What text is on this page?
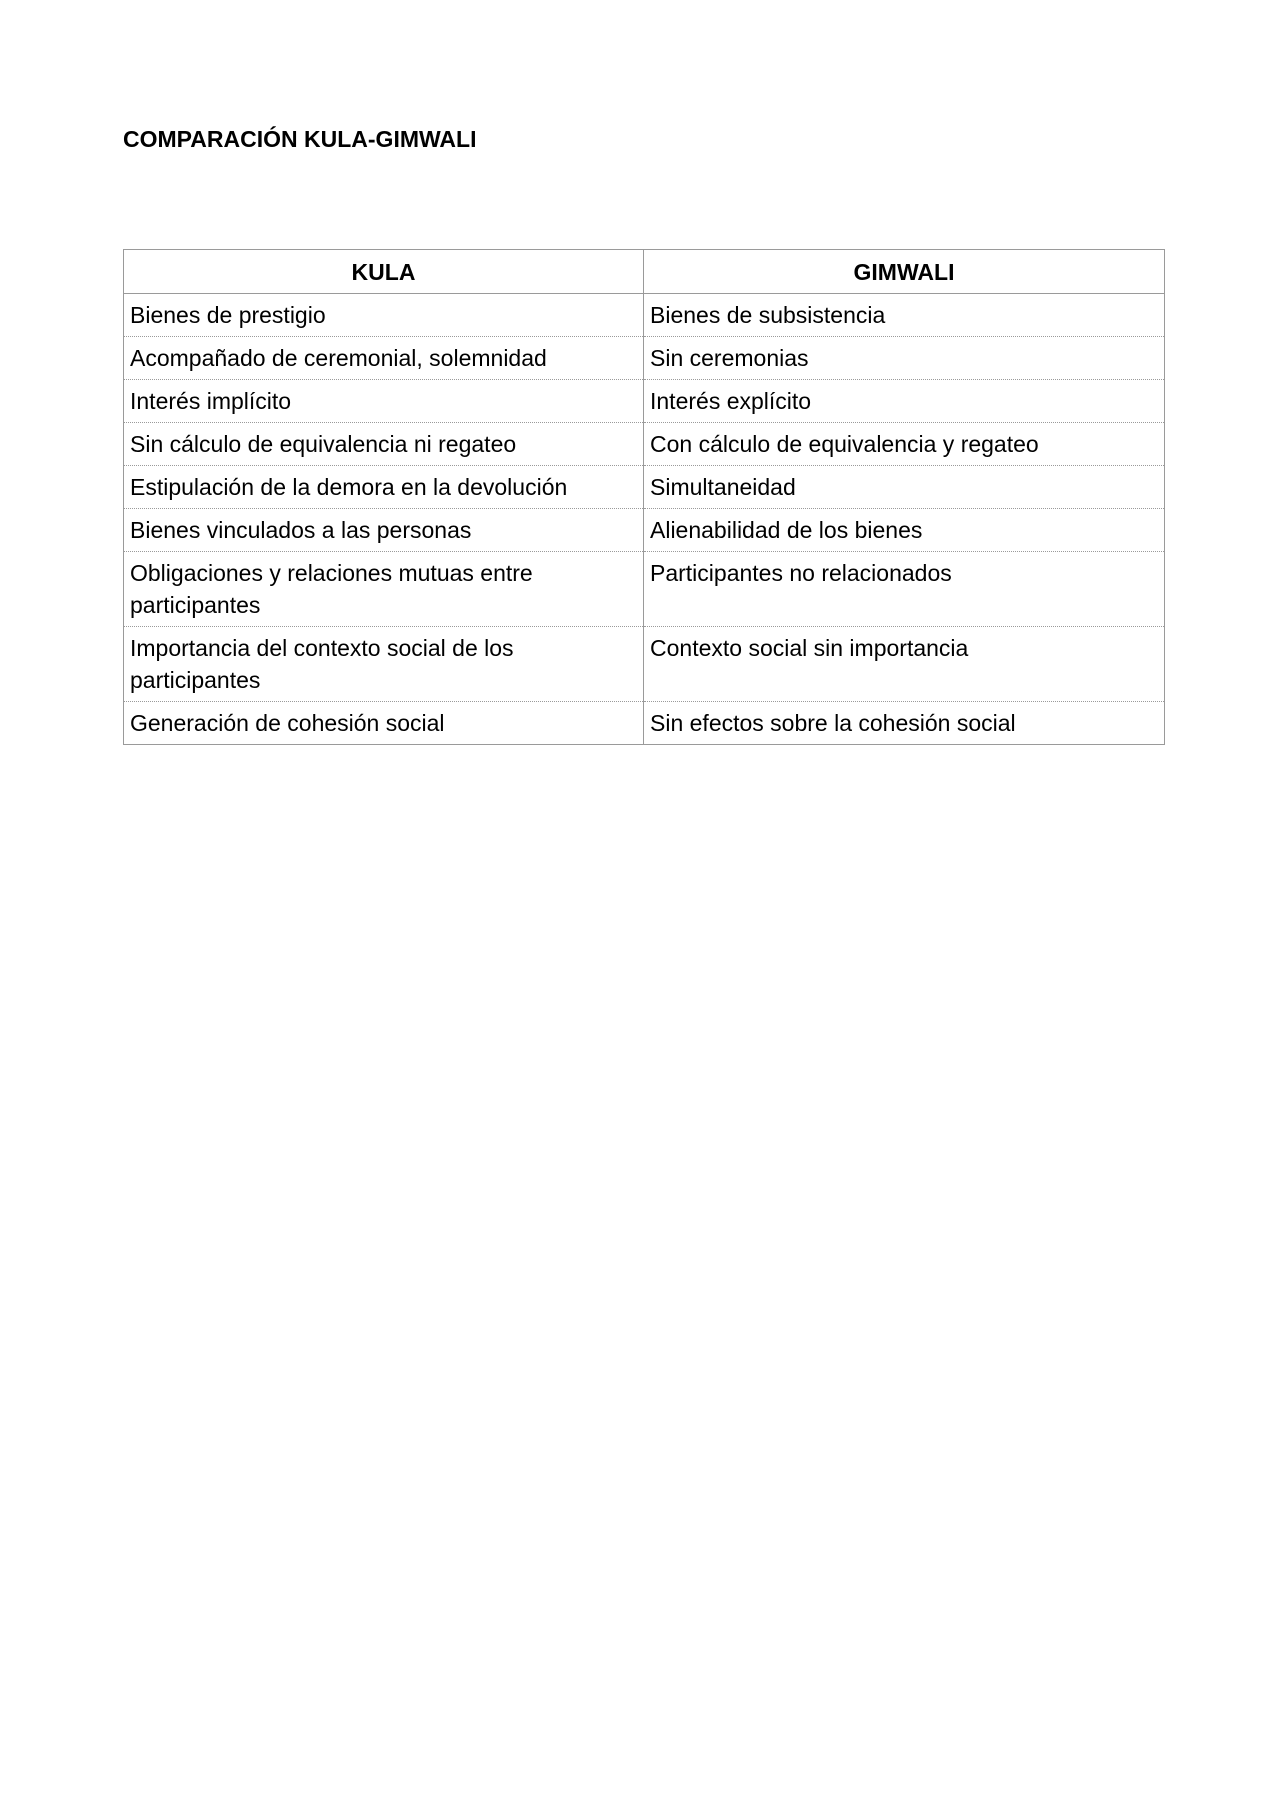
COMPARACIÓN KULA-GIMWALI
KULA	GIMWALI
Bienes de prestigio	Bienes de subsistencia
Acompañado de ceremonial, solemnidad	Sin ceremonias
Interés implícito	Interés explícito
Sin cálculo de equivalencia ni regateo	Con cálculo de equivalencia y regateo
Estipulación de la demora en la devolución	Simultaneidad
Bienes vinculados a las personas	Alienabilidad de los bienes
Obligaciones y relaciones mutuas entre participantes	Participantes no relacionados
Importancia del contexto social de los participantes	Contexto social sin importancia
Generación de cohesión social	Sin efectos sobre la cohesión social
